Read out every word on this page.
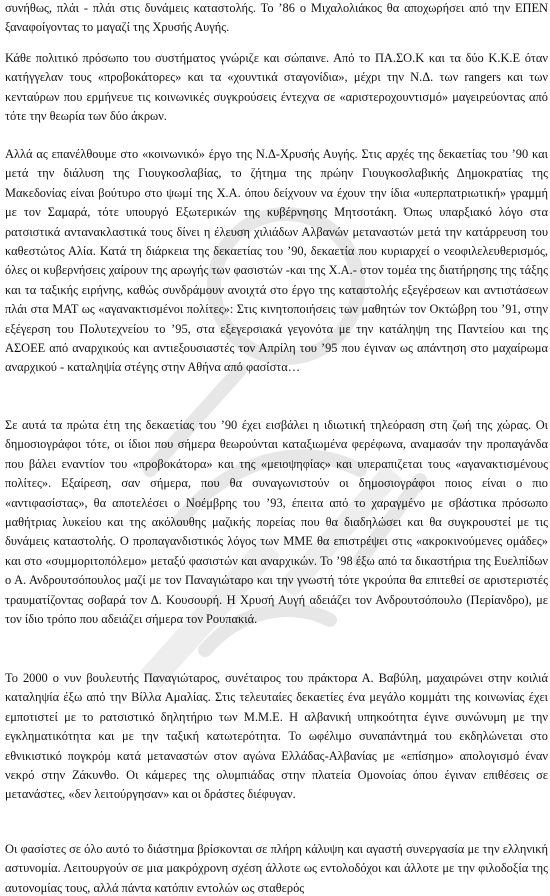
συνήθως, πλάι - πλάι στις δυνάμεις καταστολής. Το ’86 ο Μιχαλολιάκος θα αποχωρήσει από την ΕΠΕΝ ξαναφοίγοντας το μαγαζί της Χρυσής Αυγής.

Κάθε πολιτικό πρόσωπο του συστήματος γνώριζε και σώπαινε. Από το ΠΑ.ΣΟ.Κ και τα δύο Κ.Κ.Ε όταν κατήγγελαν τους «προβοκάτορες» και τα «χουντικά σταγονίδια», μέχρι την Ν.Δ. των rangers και των κενταύρων που ερμήνευε τις κοινωνικές συγκρούσεις έντεχνα σε «αριστεροχουντισμό» μαγειρεύοντας από τότε την θεωρία των δύο άκρων.

Αλλά ας επανέλθουμε στο «κοινωνικό» έργο της Ν.Δ-Χρυσής Αυγής. Στις αρχές της δεκαετίας του ’90 και μετά την διάλυση της Γιουγκοσλαβίας, το ζήτημα της πρώην Γιουγκοσλαβικής Δημοκρατίας της Μακεδονίας είναι βούτυρο στο ψωμί της Χ.Α. όπου δείχνουν να έχουν την ίδια «υπερπατριωτική» γραμμή με τον Σαμαρά, τότε υπουργό Εξωτερικών της κυβέρνησης Μητσοτάκη. Όπως υπαρξιακό λόγο στα ρατσιστικά αντανακλαστικά τους δίνει η έλευση χιλιάδων Αλβανών μεταναστών μετά την κατάρρευση του καθεστώτος Αλία. Κατά τη διάρκεια της δεκαετίας του ’90, δεκαετία που κυριαρχεί ο νεοφιλελευθερισμός, όλες οι κυβερνήσεις χαίρουν της αρωγής των φασιστών -και της Χ.Α.- στον τομέα της διατήρησης της τάξης και τα ταξικής ειρήνης, καθώς συνδράμουν ανοιχτά στο έργο της καταστολής εξεγέρσεων και αντιστάσεων πλάι στα ΜΑΤ ως «αγανακτισμένοι πολίτες»: Στις κινητοποιήσεις των μαθητών τον Οκτώβρη του ’91, στην εξέγερση του Πολυτεχνείου το ’95, στα εξεγερσιακά γεγονότα με την κατάληψη της Παντείου και της ΑΣΟΕΕ από αναρχικούς και αντιεξουσιαστές τον Απρίλη του ’95 που έγιναν ως απάντηση στο μαχαίρωμα αναρχικού - καταληψία στέγης στην Αθήνα από φασίστα…

Σε αυτά τα πρώτα έτη της δεκαετίας του ’90 έχει εισβάλει η ιδιωτική τηλεόραση στη ζωή της χώρας. Οι δημοσιογράφοι τότε, οι ίδιοι που σήμερα θεωρούνται καταξιωμένα φερέφωνα, αναμασάν την προπαγάνδα που βάλει εναντίον του «προβοκάτορα» και της «μειοψηφίας» και υπεραπιζεται τους «αγανακτισμένους πολίτες». Εξαίρεση, σαν σήμερα, που θα συναγωνιστούν οι δημοσιογράφοι ποιος είναι ο πιο «αντιφασίστας», θα αποτελέσει ο Νοέμβρης του ’93, έπειτα από το χαραγμένο με σβάστικα πρόσωπο μαθήτριας λυκείου και της ακόλουθης μαζικής πορείας που θα διαδηλώσει και θα συγκρουστεί με τις δυνάμεις καταστολής. Ο προπαγανδιστικός λόγος των ΜΜΕ θα επιστρέψει στις «ακροκινούμενες ομάδες» και στο «συμμοριτοπόλεμο» μεταξύ φασιστών και αναρχικών. Το ’98 έξω από τα δικαστήρια της Ευελπίδων ο Α. Ανδρουτσόπουλος μαζί με τον Παναγιώταρο και την γνωστή τότε γκρούπα θα επιτεθεί σε αριστεριστές τραυματίζοντας σοβαρά τον Δ. Κουσουρή. Η Χρυσή Αυγή αδειάζει τον Ανδρουτσόπουλο (Περίανδρο), με τον ίδιο τρόπο που αδειάζει σήμερα τον Ρουπακιά.

Το 2000 ο νυν βουλευτής Παναγιώταρος, συνέταιρος του πράκτορα Α. Βαβύλη, μαχαιρώνει στην κοιλιά καταληψία έξω από την Βίλλα Αμαλίας. Στις τελευταίες δεκαετίες ένα μεγάλο κομμάτι της κοινωνίας έχει εμποτιστεί με το ρατσιστικό δηλητήριο των Μ.Μ.Ε. Η αλβανική υπηκοότητα έγινε συνώνυμη με την εγκληματικότητα και με την ταξική κατωτερότητα. Το ωφέλιμο συναπάντημά του εκδηλώνεται στο εθνικιστικό πογκρόμ κατά μεταναστών στον αγώνα Ελλάδας-Αλβανίας με «επίσημο» απολογισμό έναν νεκρό στην Ζάκυνθο. Οι κάμερες της ολυμπιάδας στην πλατεία Ομονοίας όπου έγιναν επιθέσεις σε μετανάστες, «δεν λειτούργησαν» και οι δράστες διέφυγαν.

Οι φασίστες σε όλο αυτό το διάστημα βρίσκονται σε πλήρη κάλυψη και αγαστή συνεργασία με την ελληνική αστυνομία. Λειτουργούν σε μια μακρόχρονη σχέση άλλοτε ως εντολοδόχοι και άλλοτε με την φιλοδοξία της αυτονομίας τους, αλλά πάντα κατόπιν εντολών ως σταθερός
